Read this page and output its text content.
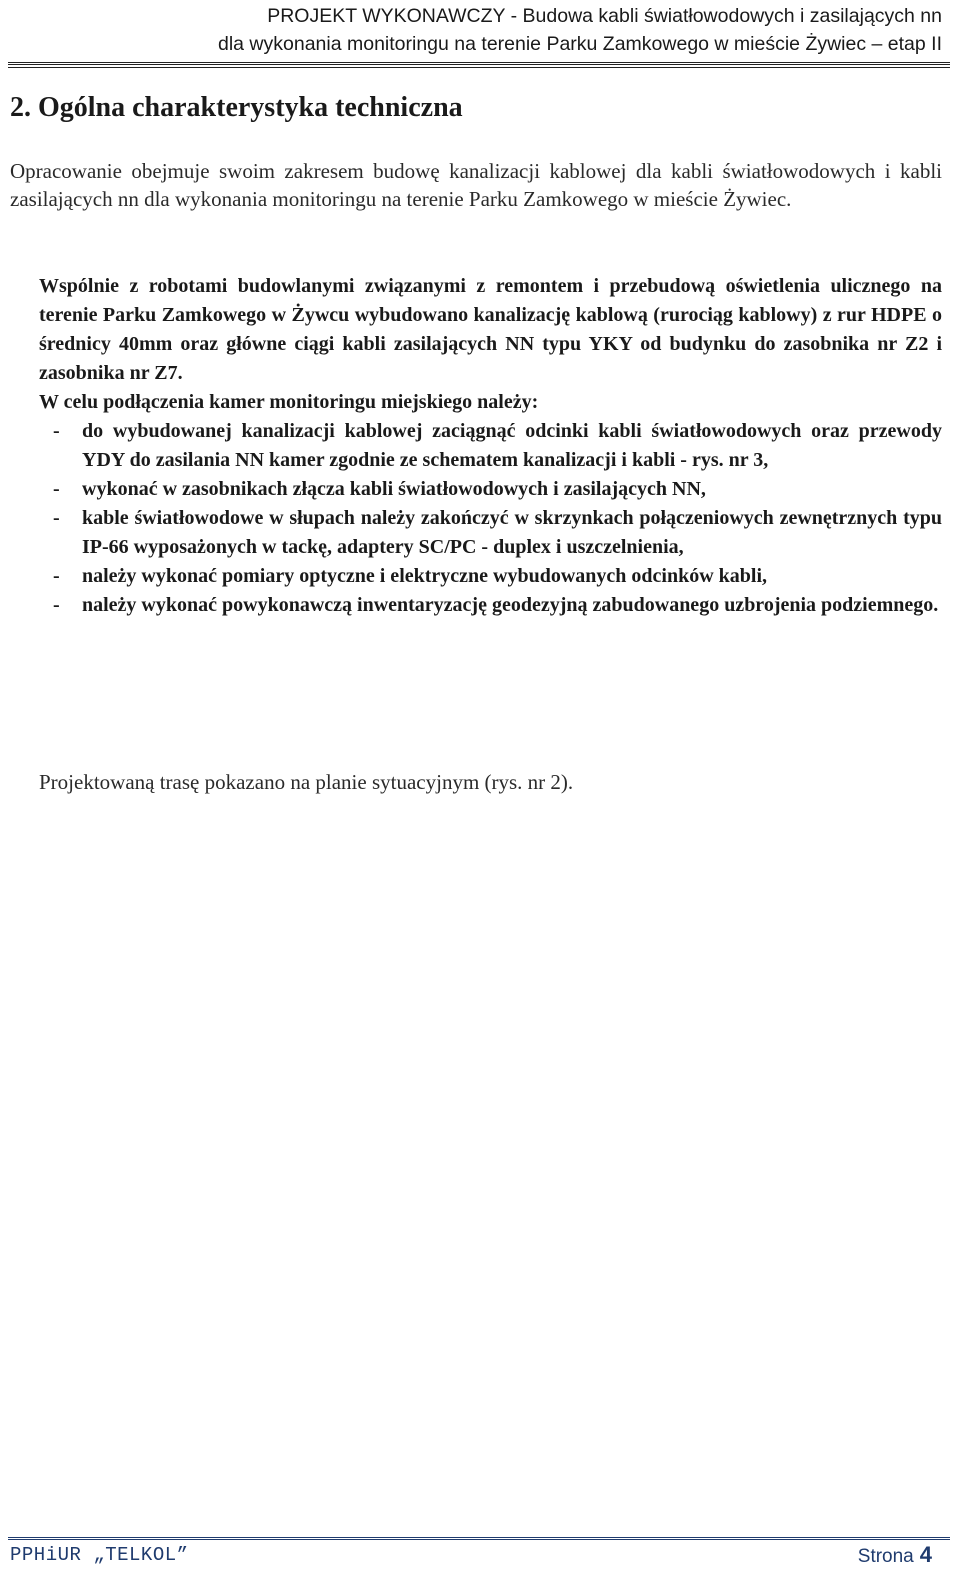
PROJEKT WYKONAWCZY - Budowa kabli światłowodowych i zasilających nn
dla wykonania monitoringu na terenie Parku Zamkowego w mieście Żywiec – etap II
2. Ogólna charakterystyka techniczna

Opracowanie obejmuje swoim zakresem budowę kanalizacji kablowej dla kabli światłowodowych i kabli zasilających nn dla wykonania monitoringu na terenie Parku Zamkowego w mieście Żywiec.

Wspólnie z robotami budowlanymi związanymi z remontem i przebudową oświetlenia ulicznego na terenie Parku Zamkowego w Żywcu wybudowano kanalizację kablową (rurociąg kablowy) z rur HDPE o średnicy 40mm oraz główne ciągi kabli zasilających NN typu YKY od budynku do zasobnika nr Z2 i zasobnika nr Z7.

W celu podłączenia kamer monitoringu miejskiego należy:

- do wybudowanej kanalizacji kablowej zaciągnąć odcinki kabli światłowodowych oraz przewody YDY do zasilania NN kamer zgodnie ze schematem kanalizacji i kabli - rys. nr 3,
- wykonać w zasobnikach złącza kabli światłowodowych i zasilających NN,
- kable światłowodowe w słupach należy zakończyć w skrzynkach połączeniowych zewnętrznych typu IP-66 wyposażonych w tackę, adaptery SC/PC - duplex i uszczelnienia,
- należy wykonać pomiary optyczne i elektryczne wybudowanych odcinków kabli,
- należy wykonać powykonawczą inwentaryzację geodezyjną zabudowanego uzbrojenia podziemnego.

Projektowaną trasę pokazano na planie sytuacyjnym (rys. nr 2).

PPHiUR „TELKOL”	Strona 4
